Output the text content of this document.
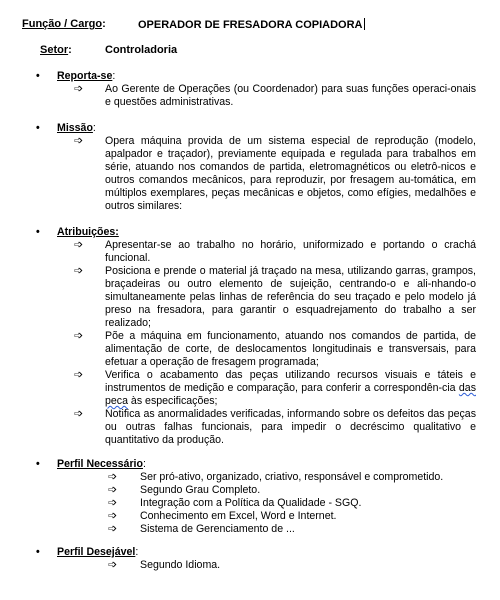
Função / Cargo:	OPERADOR DE FRESADORA COPIADORA
Setor:	Controladoria
• Reporta-se:
➩ Ao Gerente de Operações (ou Coordenador) para suas funções operaci-onais e questões administrativas.
• Missão:
➩ Opera máquina provida de um sistema especial de reprodução (modelo, apalpador e traçador), previamente equipada e regulada para trabalhos em série, atuando nos comandos de partida, eletromagnéticos ou eletrô-nicos e outros comandos mecânicos, para reproduzir, por fresagem au-tomática, em múltiplos exemplares, peças mecânicas e objetos, como efígies, medalhões e outros similares:
• Atribuições:
➩ Apresentar-se ao trabalho no horário, uniformizado e portando o crachá funcional.
➩ Posiciona e prende o material já traçado na mesa, utilizando garras, grampos, braçadeiras ou outro elemento de sujeição, centrando-o e ali-nhando-o simultaneamente pelas linhas de referência do seu traçado e pelo modelo já preso na fresadora, para garantir o esquadrejamento do trabalho a ser realizado;
➩ Põe a máquina em funcionamento, atuando nos comandos de partida, de alimentação de corte, de deslocamentos longitudinais e transversais, para efetuar a operação de fresagem programada;
➩ Verifica o acabamento das peças utilizando recursos visuais e táteis e instrumentos de medição e comparação, para conferir a correspondên-cia das peca às especificações;
➩ Notifica as anormalidades verificadas, informando sobre os defeitos das peças ou outras falhas funcionais, para impedir o decréscimo qualitativo e quantitativo da produção.
• Perfil Necessário:
➩ Ser pró-ativo, organizado, criativo, responsável e comprometido.
➩ Segundo Grau Completo.
➩ Integração com a Política da Qualidade - SGQ.
➩ Conhecimento em Excel, Word e Internet.
➩ Sistema de Gerenciamento de ...
• Perfil Desejável:
➩ Segundo Idioma.
